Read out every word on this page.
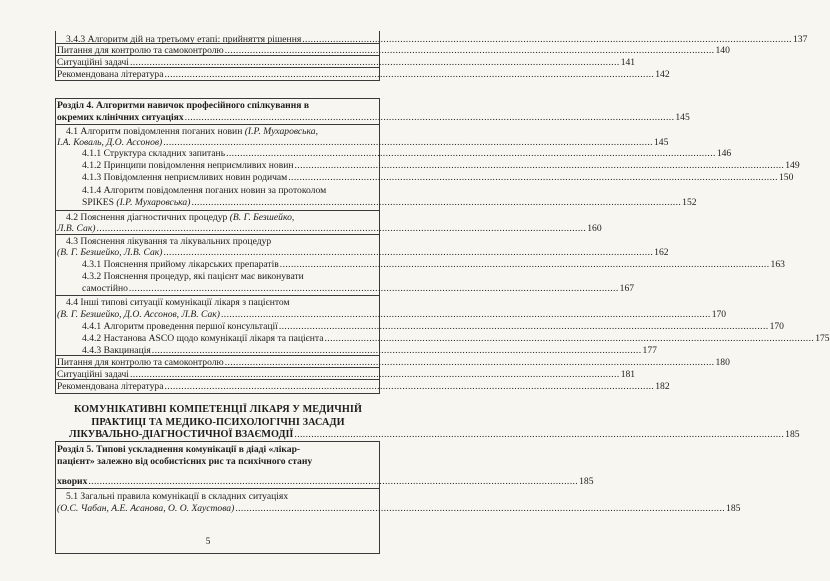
3.4.3 Алгоритм дій на третьому етапі: прийняття рішення .....	137
Питання для контролю та самоконтролю .....	140
Ситуаційні задачі .....	141
Рекомендована література .....	142
Розділ 4. Алгоритми навичок професійного спілкування в
окремих клінічних ситуаціях .....	145
4.1 Алгоритм повідомлення поганих новин (І.Р. Мухаровська,
І.А. Коваль, Д.О. Ассонов) .....	145
4.1.1 Структура складних запитань .....	146
4.1.2 Принципи повідомлення неприємливих новин .....	149
4.1.3 Повідомлення неприємливих новин родичам .....	150
4.1.4 Алгоритм повідомлення поганих новин за протоколом
SPIKES (І.Р. Мухаровська) .....	152
4.2 Пояснення діагностичних процедур (В. Г. Безшейко,
Л.В. Сак) .....	160
4.3 Пояснення лікування та лікувальних процедур
(В. Г. Безшейко, Л.В. Сак) .....	162
4.3.1 Пояснення прийому лікарських препаратів .....	163
4.3.2 Пояснення процедур, які пацієнт має виконувати
самостійно .....	167
4.4 Інші типові ситуації комунікації лікаря з пацієнтом
(В. Г. Безшейко, Д.О. Ассонов, Л.В. Сак) .....	170
4.4.1 Алгоритм проведення першої консультації .....	170
4.4.2 Настанова ASCO щодо комунікації лікаря та пацієнта .....	175
4.4.3 Вакцинація .....	177
Питання для контролю та самоконтролю .....	180
Ситуаційні задачі .....	181
Рекомендована література .....	182
КОМУНІКАТИВНІ КОМПЕТЕНЦІЇ ЛІКАРЯ У МЕДИЧНІЙ
ПРАКТИЦІ ТА МЕДИКО-ПСИХОЛОГІЧНІ ЗАСАДИ
ЛІКУВАЛЬНО-ДІАГНОСТИЧНОЇ ВЗАЄМОДІЇ .....	185
Розділ 5. Типові ускладнення комунікації в діаді «лікар-
пацієнт» залежно від особистісних рис та психічного стану
хворих .....	185
5.1 Загальні правила комунікації в складних ситуаціях
(О.С. Чабан, А.Е. Асанова, О. О. Хаустова) .....	185
5
